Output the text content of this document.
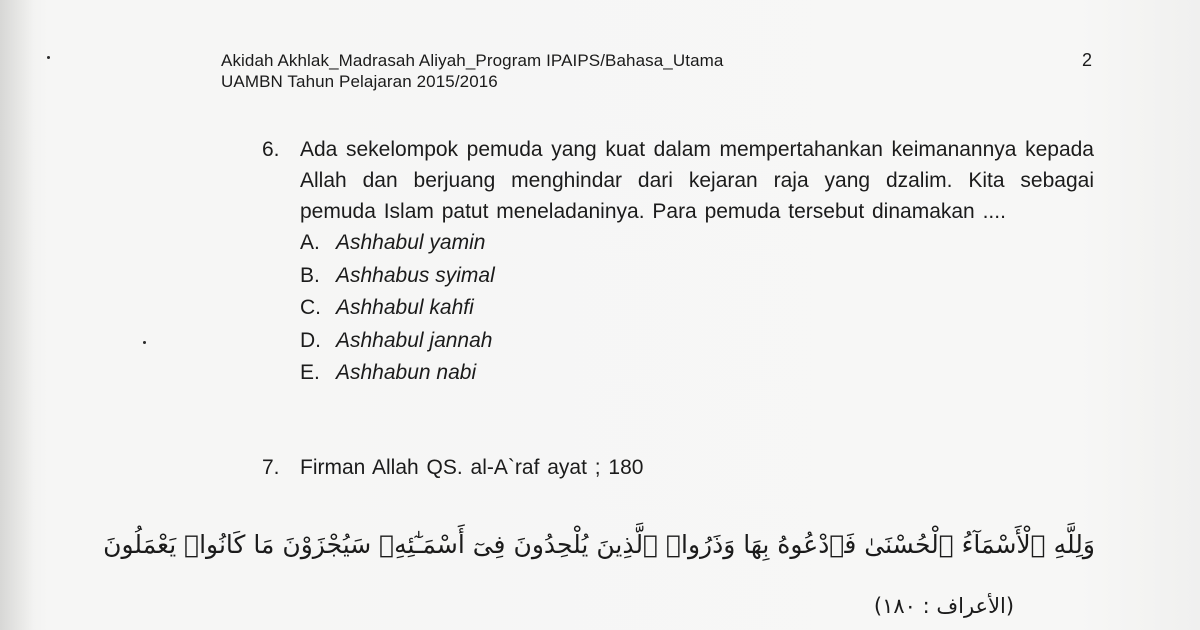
Akidah Akhlak_Madrasah Aliyah_Program IPAIPS/Bahasa_Utama
UAMBN Tahun Pelajaran 2015/2016
2
6. Ada sekelompok pemuda yang kuat dalam mempertahankan keimanannya kepada Allah dan berjuang menghindar dari kejaran raja yang dzalim. Kita sebagai pemuda Islam patut meneladaninya. Para pemuda tersebut dinamakan ....
A. Ashhabul yamin
B. Ashhabus syimal
C. Ashhabul kahfi
D. Ashhabul jannah
E. Ashhabun nabi
7. Firman Allah QS. al-A`raf ayat ; 180
وَلِلَّهِ ٱلْأَسْمَآءُ ٱلْحُسْنَىٰ فَٱدْعُوهُ بِهَا وَذَرُوا۟ ٱلَّذِينَ يُلْحِدُونَ فِىٓ أَسْمَـٰٓئِهِۦ سَيُجْزَوْنَ مَا كَانُوا۟ يَعْمَلُونَ
(الأعراف : ١٨٠)
